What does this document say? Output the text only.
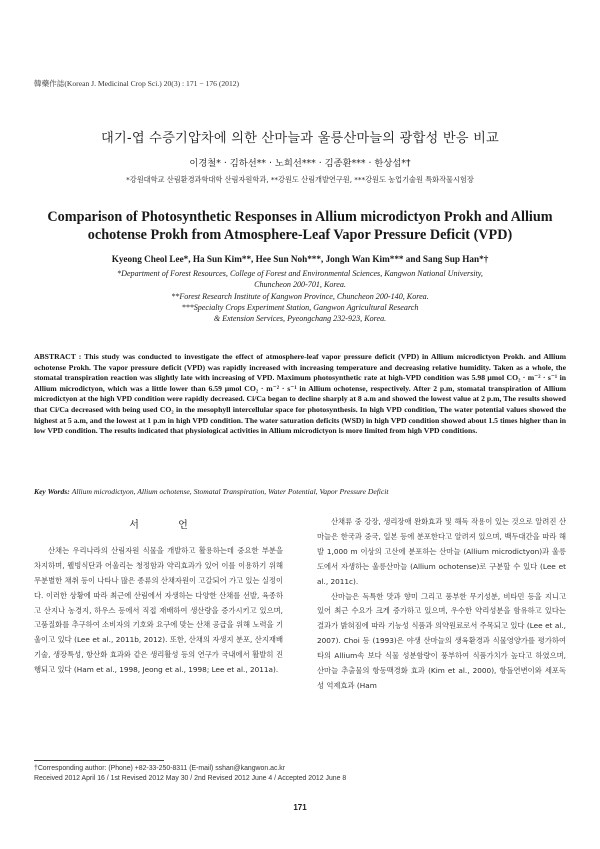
韓藥作誌(Korean J. Medicinal Crop Sci.) 20(3) : 171 − 176 (2012)
대기-엽 수증기압차에 의한 산마늘과 울릉산마늘의 광합성 반응 비교
이경철* · 김하선** · 노희선*** · 김종환*** · 한상섭*†
*강원대학교 산림환경과학대학 산림자원학과, **강원도 산림개발연구원, ***강원도 농업기술원 특화작물시험장
Comparison of Photosynthetic Responses in Allium microdictyon Prokh and Allium
ochotense Prokh from Atmosphere-Leaf Vapor Pressure Deficit (VPD)
Kyeong Cheol Lee*, Ha Sun Kim**, Hee Sun Noh***, Jongh Wan Kim*** and Sang Sup Han*†

*Department of Forest Resources, College of Forest and Environmental Sciences, Kangwon National University,

Chuncheon 200-701, Korea.

**Forest Research Institute of Kangwon Province, Chuncheon 200-140, Korea.

***Specialty Crops Experiment Station, Gangwon Agricultural Research

& Extension Services, Pyeongchang 232-923, Korea.

ABSTRACT : This study was conducted to investigate the effect of atmosphere-leaf vapor pressure deficit (VPD) in Allium microdictyon Prokh. and Allium ochotense Prokh. The vapor pressure deficit (VPD) was rapidly increased with increasing temperature and decreasing relative humidity. Taken as a whole, the stomatal transpiration reaction was slightly late with increasing of VPD. Maximum photosynthetic rate at high-VPD condition was 5.98 μmol CO₂ · m⁻² · s⁻¹ in Allium microdictyon, which was a little lower than 6.59 μmol CO₂ · m⁻² · s⁻¹ in Allium ochotense, respectively. After 2 p.m, stomatal transpiration of Allium microdictyon at the high VPD condition were rapidly decreased. Ci/Ca began to decline sharply at 8 a.m and showed the lowest value at 2 p.m, The results showed that Ci/Ca decreased with being used CO₂ in the mesophyll intercellular space for photosynthesis. In high VPD condition, The water potential values showed the highest at 5 a.m, and the lowest at 1 p.m in high VPD condition. The water saturation deficits (WSD) in high VPD condition showed about 1.5 times higher than in low VPD condition. The results indicated that physiological activities in Allium microdictyon is more limited from high VPD conditions.

Key Words: Allium microdictyon, Allium ochotense, Stomatal Transpiration, Water Potential, Vapor Pressure Deficit

서 언

산채는 우리나라의 산림자원 식물을 개발하고 활용하는데 중요한 부분을 차지하며, 웰빙식단과 어울리는 청정함과 약리효과가 있어 이를 이용하기 위해 무분별한 채취 등이 나타나 많은 종류의 산채자원이 고갈되어 가고 있는 실정이다. 이러한 상황에 따라 최근에 산림에서 자생하는 다양한 산채를 선발, 육종하고 산지나 농경지, 하우스 등에서 직접 재배하여 생산량을 증가시키고 있으며, 고품질화를 추구하여 소비자의 기호와 요구에 맞는 산채 공급을 위해 노력을 기울이고 있다 (Lee et al., 2011b, 2012). 또한, 산채의 자생지 분포, 산지재배기술, 생장특성, 항산화 효과와 같은 생리활성 등의 연구가 국내에서 활발히 진행되고 있다 (Ham et al., 1998, Jeong et al., 1998; Lee et al., 2011a).

산채류 중 강장, 생리장애 완화효과 및 해독 작용이 있는 것으로 알려진 산마늘은 한국과 중국, 일본 등에 분포한다고 알려져 있으며, 백두대간을 따라 해발 1,000 m 이상의 고산에 분포하는 산마늘 (Allium microdictyon)과 울릉도에서 자생하는 울릉산마늘 (Allium ochotense)로 구분할 수 있다 (Lee et al., 2011c).

산마늘은 독특한 맛과 향미 그리고 풍부한 무기성분, 비타민 등을 지니고 있어 최근 수요가 크게 증가하고 있으며, 우수한 약리성분을 함유하고 있다는 결과가 밝혀짐에 따라 기능성 식품과 의약원료로서 주목되고 있다 (Lee et al., 2007). Choi 등 (1993)은 야생 산마늘의 생육환경과 식물영양가를 평가하여 타의 Allium속 보다 식물 성분함량이 풍부하여 식품가치가 높다고 하였으며, 산마늘 추출물의 항동맥경화 효과 (Kim et al., 2000), 항돌연변이와 세포독성 억제효과 (Ham

†Corresponding author: (Phone) +82-33-250-8311 (E-mail) sshan@kangwon.ac.kr

Received 2012 April 16 / 1st Revised 2012 May 30 / 2nd Revised 2012 June 4 / Accepted 2012 June 8

171
